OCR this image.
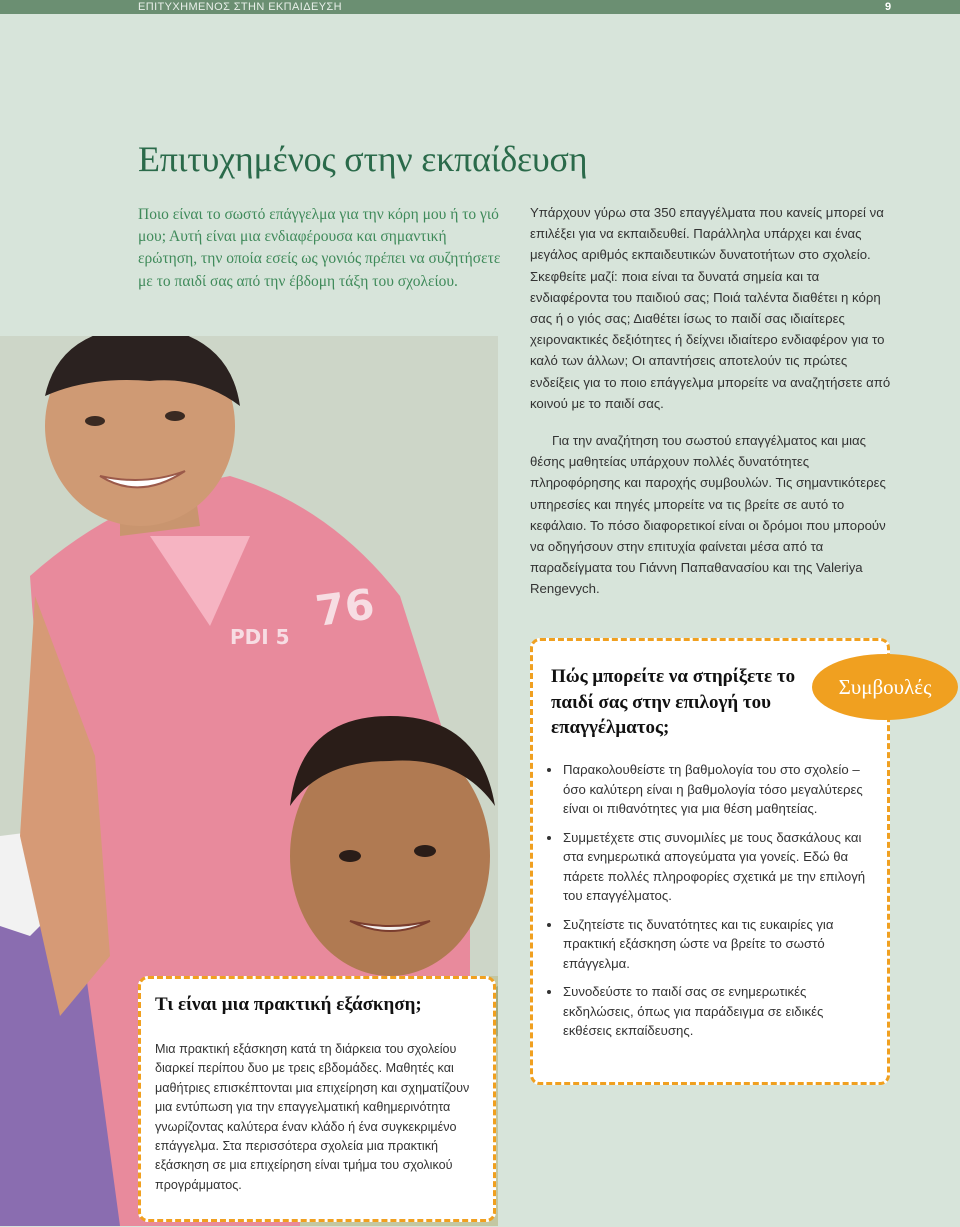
ΕΠΙΤΥΧΗΜΕΝΟΣ ΣΤΗΝ ΕΚΠΑΙΔΕΥΣΗ	9
Επιτυχημένος στην εκπαίδευση

Ποιο είναι το σωστό επάγγελμα για την κόρη μου ή το γιό μου; Αυτή είναι μια ενδιαφέρουσα και σημαντική ερώτηση, την οποία εσείς ως γονιός πρέπει να συζητήσετε με το παιδί σας από την έβδομη τάξη του σχολείου.

Υπάρχουν γύρω στα 350 επαγγέλματα που κανείς μπορεί να επιλέξει για να εκπαιδευθεί. Παράλληλα υπάρχει και ένας μεγάλος αριθμός εκπαιδευτικών δυνατοτήτων στο σχολείο. Σκεφθείτε μαζί: ποια είναι τα δυνατά σημεία και τα ενδιαφέροντα του παιδιού σας; Ποιά ταλέντα διαθέτει η κόρη σας ή ο γιός σας; Διαθέτει ίσως το παιδί σας ιδιαίτερες χειρονακτικές δεξιότητες ή δείχνει ιδιαίτερο ενδιαφέρον για το καλό των άλλων; Οι απαντήσεις αποτελούν τις πρώτες ενδείξεις για το ποιο επάγγελμα μπορείτε να αναζητήσετε από κοινού με το παιδί σας.

Για την αναζήτηση του σωστού επαγγέλματος και μιας θέσης μαθητείας υπάρχουν πολλές δυνατότητες πληροφόρησης και παροχής συμβουλών. Τις σημαντικότερες υπηρεσίες και πηγές μπορείτε να τις βρείτε σε αυτό το κεφάλαιο. Το πόσο διαφορετικοί είναι οι δρόμοι που μπορούν να οδηγήσουν στην επιτυχία φαίνεται μέσα από τα παραδείγματα του Γιάννη Παπαθανασίου και της Valeriya Rengevych.

PDI 5
76
Συμβουλές
Πώς μπορείτε να στηρίξετε το παιδί σας στην επιλογή του επαγγέλματος;
Παρακολουθείστε τη βαθμολογία του στο σχολείο – όσο καλύτερη είναι η βαθμολογία τόσο μεγαλύτερες είναι οι πιθανότητες για μια θέση μαθητείας.
Συμμετέχετε στις συνομιλίες με τους δασκάλους και στα ενημερωτικά απογεύματα για γονείς. Εδώ θα πάρετε πολλές πληροφορίες σχετικά με την επιλογή του επαγγέλματος.
Συζητείστε τις δυνατότητες και τις ευκαιρίες για πρακτική εξάσκηση ώστε να βρείτε το σωστό επάγγελμα.
Συνοδεύστε το παιδί σας σε ενημερωτικές εκδηλώσεις, όπως για παράδειγμα σε ειδικές εκθέσεις εκπαίδευσης.
Τι είναι μια πρακτική εξάσκηση;

Μια πρακτική εξάσκηση κατά τη διάρκεια του σχολείου διαρκεί περίπου δυο με τρεις εβδομάδες. Μαθητές και μαθήτριες επισκέπτονται μια επιχείρηση και σχηματίζουν μια εντύπωση για την επαγγελματική καθημερινότητα γνωρίζοντας καλύτερα έναν κλάδο ή ένα συγκεκριμένο επάγγελμα. Στα περισσότερα σχολεία μια πρακτική εξάσκηση σε μια επιχείρηση είναι τμήμα του σχολικού προγράμματος.
